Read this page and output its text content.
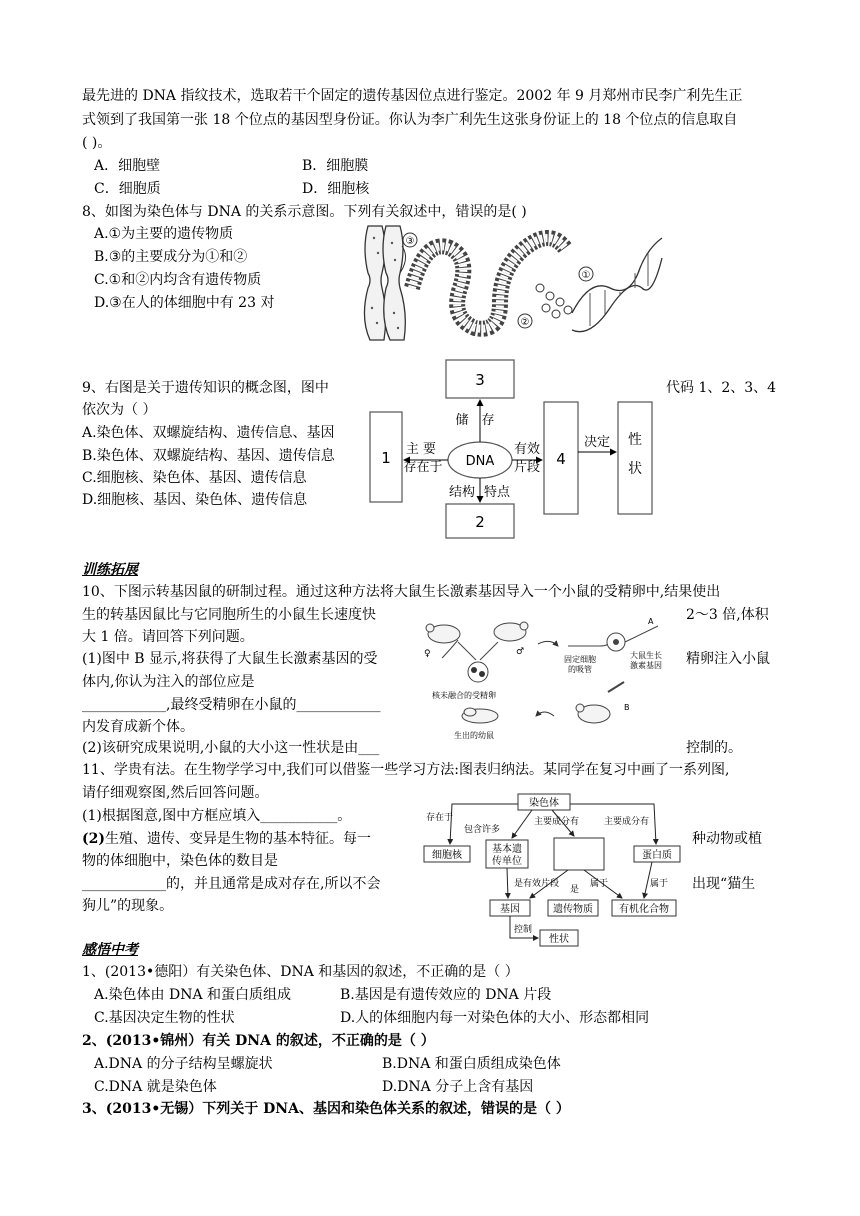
最先进的 DNA 指纹技术，选取若干个固定的遗传基因位点进行鉴定。2002 年 9 月郑州市民李广利先生正
式领到了我国第一张 18 个位点的基因型身份证。你认为李广利先生这张身份证上的 18 个位点的信息取自
( )。
A．细胞壁	B．细胞膜
C．细胞质	D．细胞核
8、如图为染色体与 DNA 的关系示意图。下列有关叙述中，错误的是( )
A.①为主要的遗传物质
B.③的主要成分为①和②
C.①和②内均含有遗传物质
D.③在人的体细胞中有 23 对
③
①
②
9、右图是关于遗传知识的概念图，图中	代码 1、2、3、4
依次为（ ）
A.染色体、双螺旋结构、遗传信息、基因
B.染色体、双螺旋结构、基因、遗传信息
C.细胞核、染色体、基因、遗传信息
D.细胞核、基因、染色体、遗传信息
3
1	DNA	4
性
状
2
主 要
存在于
储 存
有效
片段
决定
结构 特点
训练拓展
10、下图示转基因鼠的研制过程。通过这种方法将大鼠生长激素基因导入一个小鼠的受精卵中,结果使出
生的转基因鼠比与它同胞所生的小鼠生长速度快	2～3 倍,体积
大 1 倍。请回答下列问题。
(1)图中 B 显示,将获得了大鼠生长激素基因的受	精卵注入小鼠
体内,你认为注入的部位应是
____________,最终受精卵在小鼠的____________
内发育成新个体。
(2)该研究成果说明,小鼠的大小这一性状是由___	控制的。
♀	♂
核未融合的受精卵
A
固定细胞
的吸管
大鼠生长
激素基因
B
生出的幼鼠
11、学贵有法。在生物学学习中,我们可以借鉴一些学习方法:图表归纳法。某同学在复习中画了一系列图,
请仔细观察图,然后回答问题。
(1)根据图意,图中方框应填入___________。
(2)生殖、遗传、变异是生物的基本特征。每一	种动物或植
物的体细胞中，染色体的数目是
____________的，并且通常是成对存在,所以不会	出现“猫生
狗儿”的现象。
染色体
细胞核
基本遗
传单位
蛋白质
基因	遗传物质	有机化合物
性状
存在于
包含许多
主要成分有	主要成分有
是有效片段
是
属于	属于
控制
感悟中考
1、(2013•德阳）有关染色体、DNA 和基因的叙述，不正确的是（ ）
A.染色体由 DNA 和蛋白质组成	B.基因是有遗传效应的 DNA 片段
C.基因决定生物的性状	D.人的体细胞内每一对染色体的大小、形态都相同
2、(2013•锦州）有关 DNA 的叙述，不正确的是（ ）
A.DNA 的分子结构呈螺旋状	B.DNA 和蛋白质组成染色体
C.DNA 就是染色体	D.DNA 分子上含有基因
3、(2013•无锡）下列关于 DNA、基因和染色体关系的叙述，错误的是（ ）
